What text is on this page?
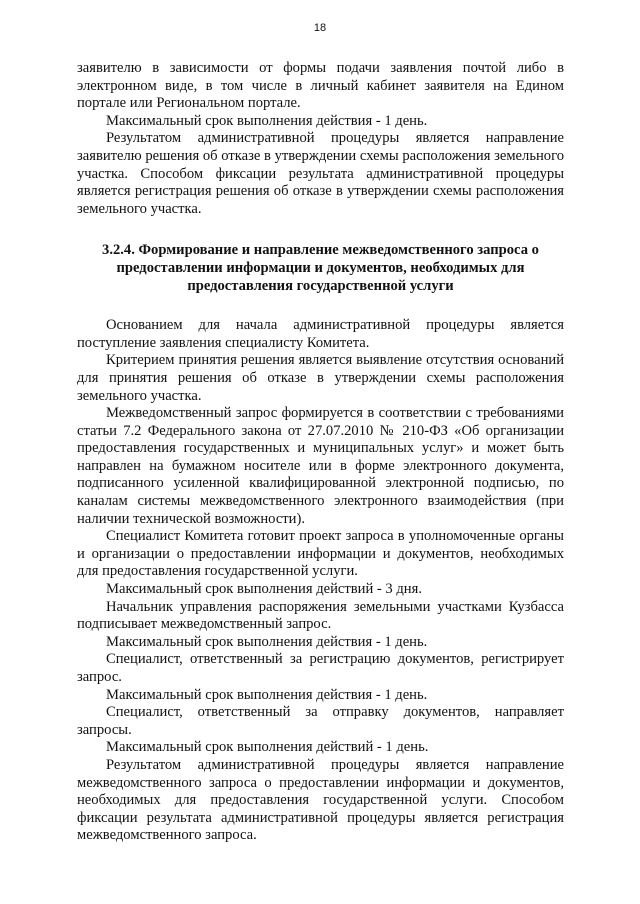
18

заявителю в зависимости от формы подачи заявления почтой либо в электронном виде, в том числе в личный кабинет заявителя на Едином портале или Региональном портале.

Максимальный срок выполнения действия - 1 день.

Результатом административной процедуры является направление заявителю решения об отказе в утверждении схемы расположения земельного участка. Способом фиксации результата административной процедуры является регистрация решения об отказе в утверждении схемы расположения земельного участка.

3.2.4. Формирование и направление межведомственного запроса о предоставлении информации и документов, необходимых для предоставления государственной услуги

Основанием для начала административной процедуры является поступление заявления специалисту Комитета.

Критерием принятия решения является выявление отсутствия оснований для принятия решения об отказе в утверждении схемы расположения земельного участка.

Межведомственный запрос формируется в соответствии с требованиями статьи 7.2 Федерального закона от 27.07.2010 № 210-ФЗ «Об организации предоставления государственных и муниципальных услуг» и может быть направлен на бумажном носителе или в форме электронного документа, подписанного усиленной квалифицированной электронной подписью, по каналам системы межведомственного электронного взаимодействия (при наличии технической возможности).

Специалист Комитета готовит проект запроса в уполномоченные органы и организации о предоставлении информации и документов, необходимых для предоставления государственной услуги.

Максимальный срок выполнения действий - 3 дня.

Начальник управления распоряжения земельными участками Кузбасса подписывает межведомственный запрос.

Максимальный срок выполнения действия - 1 день.

Специалист, ответственный за регистрацию документов, регистрирует запрос.

Максимальный срок выполнения действия - 1 день.

Специалист, ответственный за отправку документов, направляет запросы.

Максимальный срок выполнения действий - 1 день.

Результатом административной процедуры является направление межведомственного запроса о предоставлении информации и документов, необходимых для предоставления государственной услуги. Способом фиксации результата административной процедуры является регистрация межведомственного запроса.
